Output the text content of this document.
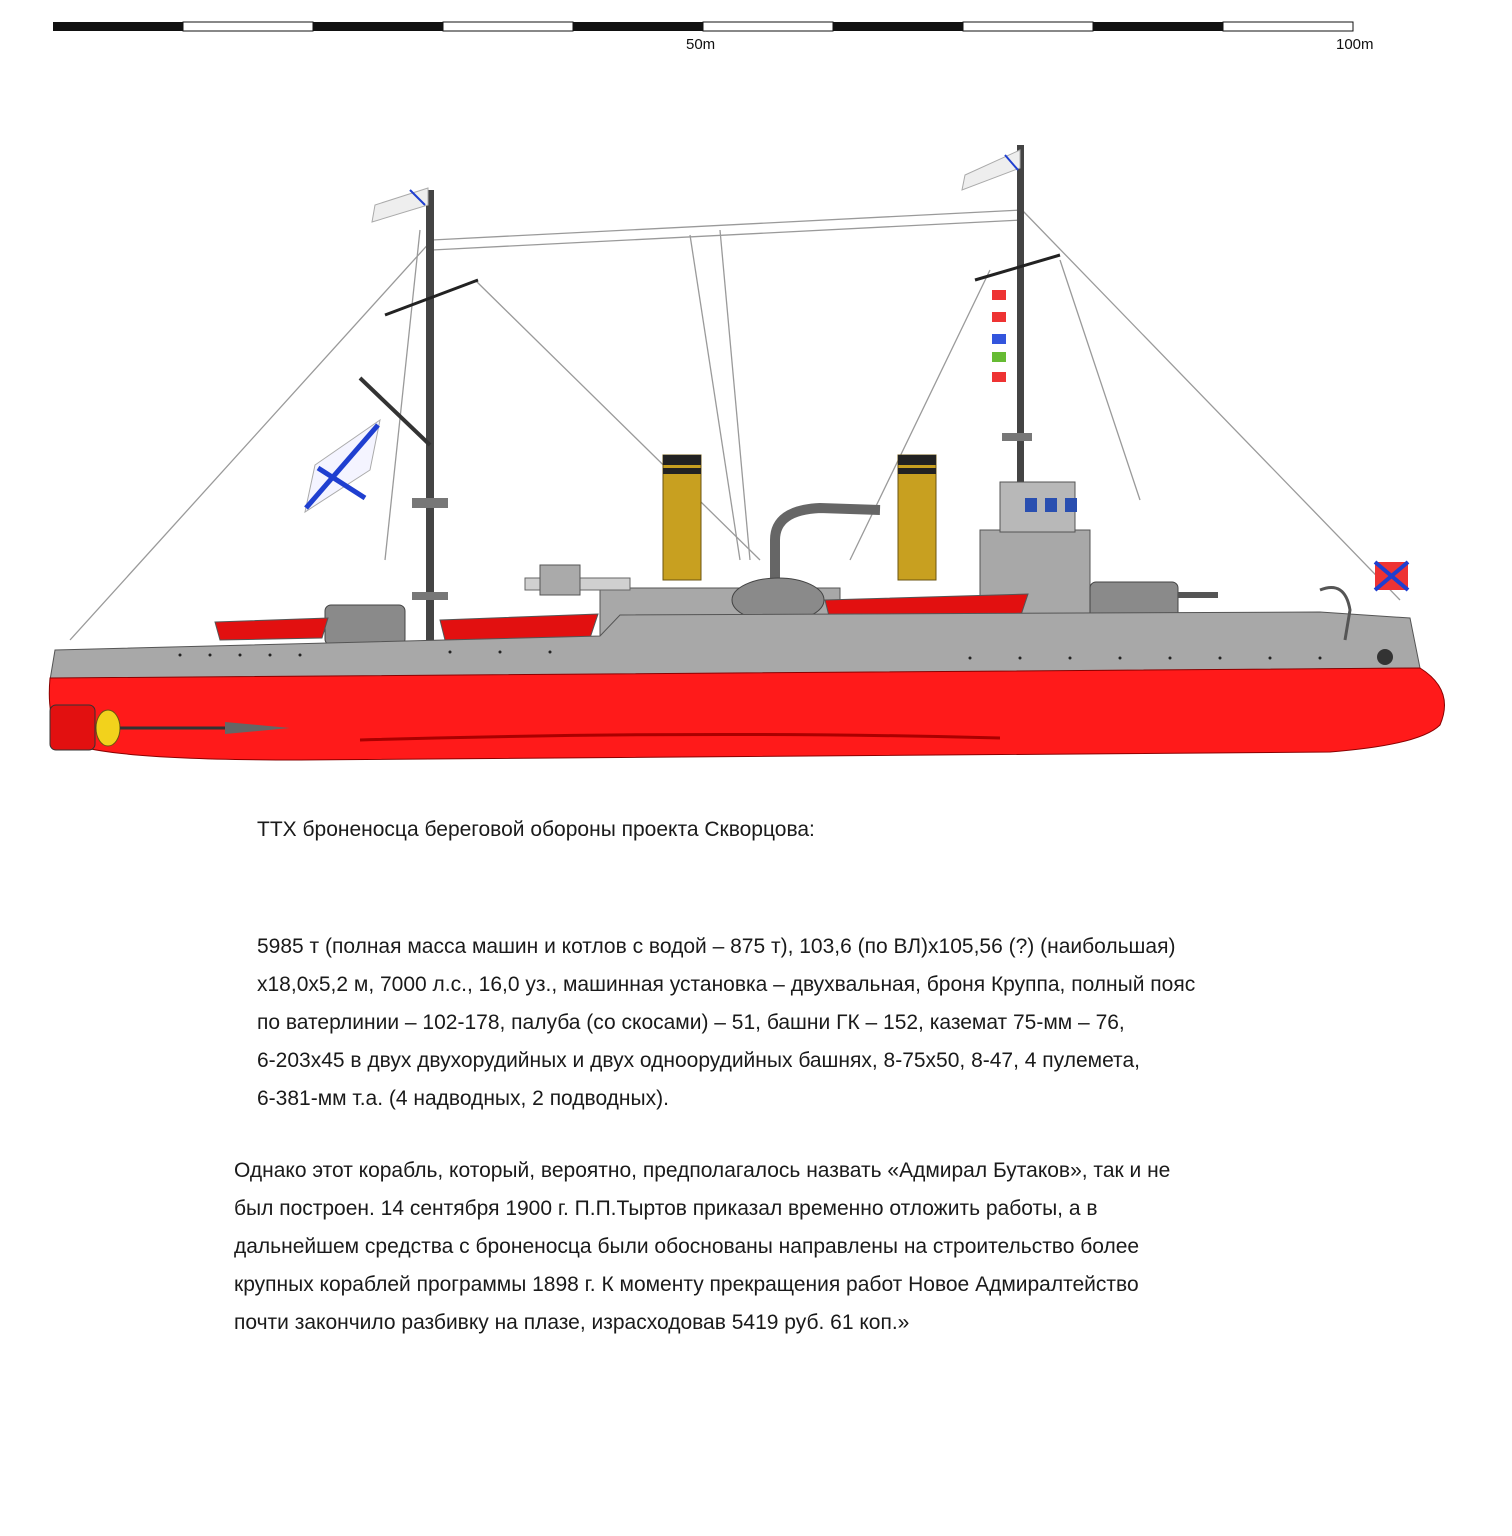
50m	100m
ТТХ броненосца береговой обороны проекта Скворцова:

5985 т (полная масса машин и котлов с водой – 875 т), 103,6 (по ВЛ)x105,56 (?) (наибольшая)

x18,0x5,2 м, 7000 л.с., 16,0 уз., машинная установка – двухвальная, броня Круппа, полный пояс

по ватерлинии – 102-178, палуба (со скосами) – 51, башни ГК – 152, каземат 75-мм – 76,

6-203x45 в двух двухорудийных и двух одноорудийных башнях, 8-75x50, 8-47, 4 пулемета,

6-381-мм т.а. (4 надводных, 2 подводных).

Однако этот корабль, который, вероятно, предполагалось назвать «Адмирал Бутаков», так и не

был построен. 14 сентября 1900 г. П.П.Тыртов приказал временно отложить работы, а в

дальнейшем средства с броненосца были обоснованы направлены на строительство более

крупных кораблей программы 1898 г. К моменту прекращения работ Новое Адмиралтейство

почти закончило разбивку на плазе, израсходовав 5419 руб. 61 коп.»
